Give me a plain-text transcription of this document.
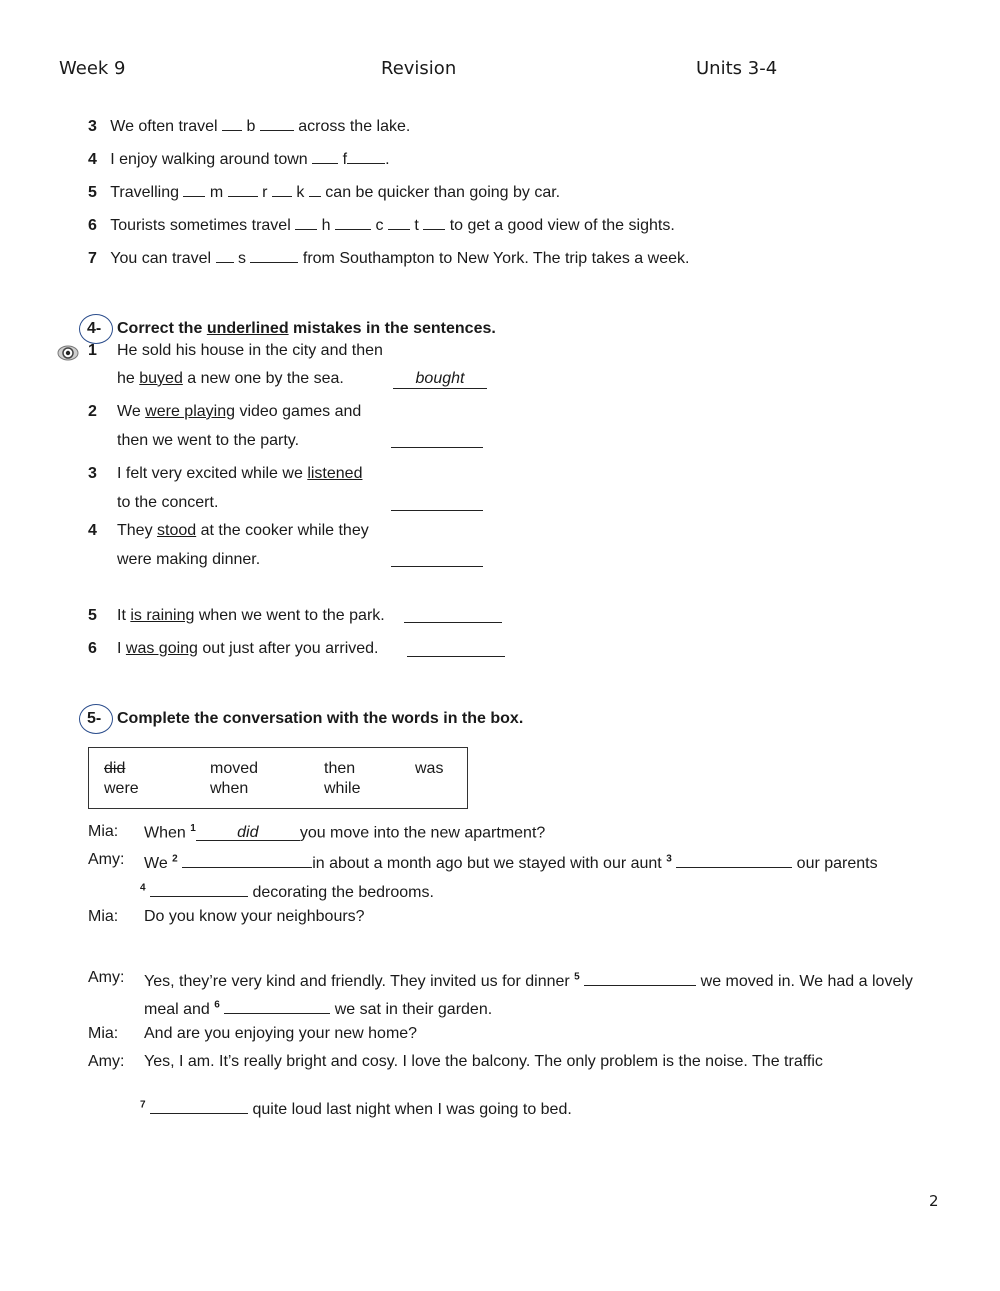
Week 9	Revision	Units 3-4
3 We often travel b	across the lake.
4 I enjoy walking around town f .
5 Travelling m r k can be quicker than going by car.
6 Tourists sometimes travel h	c t to get a good view of the sights.
7 You can travel s	from Southampton to New York. The trip takes a week.
4- Correct the underlined mistakes in the sentences.
1 He sold his house in the city and then
he buyed a new one by the sea.	bought
2 We were playing video games and
then we went to the party.
3 I felt very excited while we listened
to the concert.
4 They stood at the cooker while they
were making dinner.
5 It is raining when we went to the park.
6 I was going out just after you arrived.
5- Complete the conversation with the words in the box.
did	moved	then	was
were	when	while
Mia: When $^1$	did	you move into the new apartment?
Amy: We $^2$	in about a month ago but we stayed with our aunt $^3$	our parents
$^4$	decorating the bedrooms.
Mia: Do you know your neighbours?
Amy: Yes, they’re very kind and friendly. They invited us for dinner $^5$	we moved in. We had a lovely
meal and $^6$	we sat in their garden.
Mia: And are you enjoying your new home?
Amy: Yes, I am. It’s really bright and cosy. I love the balcony. The only problem is the noise. The traffic
$^7$	quite loud last night when I was going to bed.
2
